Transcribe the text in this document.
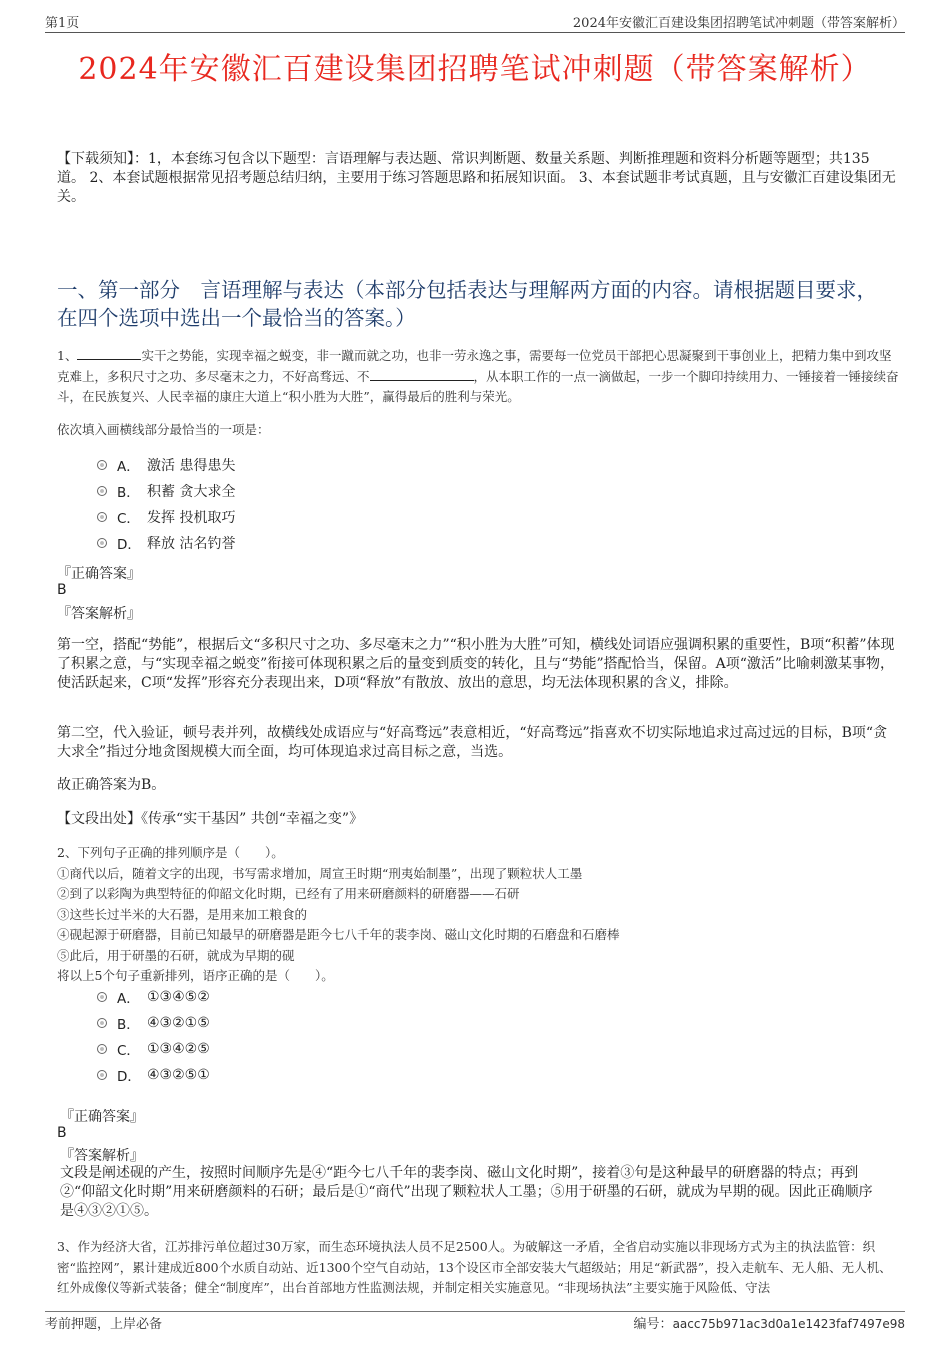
第1页	2024年安徽汇百建设集团招聘笔试冲刺题（带答案解析）
2024年安徽汇百建设集团招聘笔试冲刺题（带答案解析）
【下载须知】：1，本套练习包含以下题型：言语理解与表达题、常识判断题、数量关系题、判断推理题和资料分析题等题型；共135道。 2、本套试题根据常见招考题总结归纳，主要用于练习答题思路和拓展知识面。 3、本套试题非考试真题，且与安徽汇百建设集团无关。
一、第一部分　言语理解与表达（本部分包括表达与理解两方面的内容。请根据题目要求，在四个选项中选出一个最恰当的答案。）
1、	实干之势能，实现幸福之蜕变，非一蹴而就之功，也非一劳永逸之事，需要每一位党员干部把心思凝聚到干事创业上，把精力集中到攻坚克难上，多积尺寸之功、多尽毫末之力，不好高骛远、不	，从本职工作的一点一滴做起，一步一个脚印持续用力、一锤接着一锤接续奋斗，在民族复兴、人民幸福的康庄大道上“积小胜为大胜”，赢得最后的胜利与荣光。
依次填入画横线部分最恰当的一项是：
A． 激活 患得患失
B． 积蓄 贪大求全
C． 发挥 投机取巧
D． 释放 沽名钓誉
『正确答案』
B
『答案解析』
第一空，搭配“势能”，根据后文“多积尺寸之功、多尽毫末之力”“积小胜为大胜”可知，横线处词语应强调积累的重要性，B项“积蓄”体现了积累之意，与“实现幸福之蜕变”衔接可体现积累之后的量变到质变的转化，且与“势能”搭配恰当，保留。A项“激活”比喻刺激某事物，使活跃起来，C项“发挥”形容充分表现出来，D项“释放”有散放、放出的意思，均无法体现积累的含义，排除。
第二空，代入验证，顿号表并列，故横线处成语应与“好高骛远”表意相近，“好高骛远”指喜欢不切实际地追求过高过远的目标，B项“贪大求全”指过分地贪图规模大而全面，均可体现追求过高目标之意，当选。
故正确答案为B。
【文段出处】《传承“实干基因” 共创“幸福之变”》
2、下列句子正确的排列顺序是（　　）。
①商代以后，随着文字的出现，书写需求增加，周宣王时期“刑夷始制墨”，出现了颗粒状人工墨
②到了以彩陶为典型特征的仰韶文化时期，已经有了用来研磨颜料的研磨器——石研
③这些长过半米的大石器，是用来加工粮食的
④砚起源于研磨器，目前已知最早的研磨器是距今七八千年的裴李岗、磁山文化时期的石磨盘和石磨棒
⑤此后，用于研墨的石研，就成为早期的砚
将以上5个句子重新排列，语序正确的是（　　）。
A． ①③④⑤②
B． ④③②①⑤
C． ①③④②⑤
D． ④③②⑤①
『正确答案』
B
『答案解析』
文段是阐述砚的产生，按照时间顺序先是④“距今七八千年的裴李岗、磁山文化时期”，接着③句是这种最早的研磨器的特点；再到②“仰韶文化时期”用来研磨颜料的石研；最后是①“商代”出现了颗粒状人工墨；⑤用于研墨的石研，就成为早期的砚。因此正确顺序是④③②①⑤。
3、作为经济大省，江苏排污单位超过30万家，而生态环境执法人员不足2500人。为破解这一矛盾，全省启动实施以非现场方式为主的执法监管：织密“监控网”，累计建成近800个水质自动站、近1300个空气自动站，13个设区市全部安装大气超级站；用足“新武器”，投入走航车、无人船、无人机、红外成像仪等新式装备；健全“制度库”，出台首部地方性监测法规，并制定相关实施意见。“非现场执法”主要实施于风险低、守法
考前押题，上岸必备	编号：aacc75b971ac3d0a1e1423faf7497e98
